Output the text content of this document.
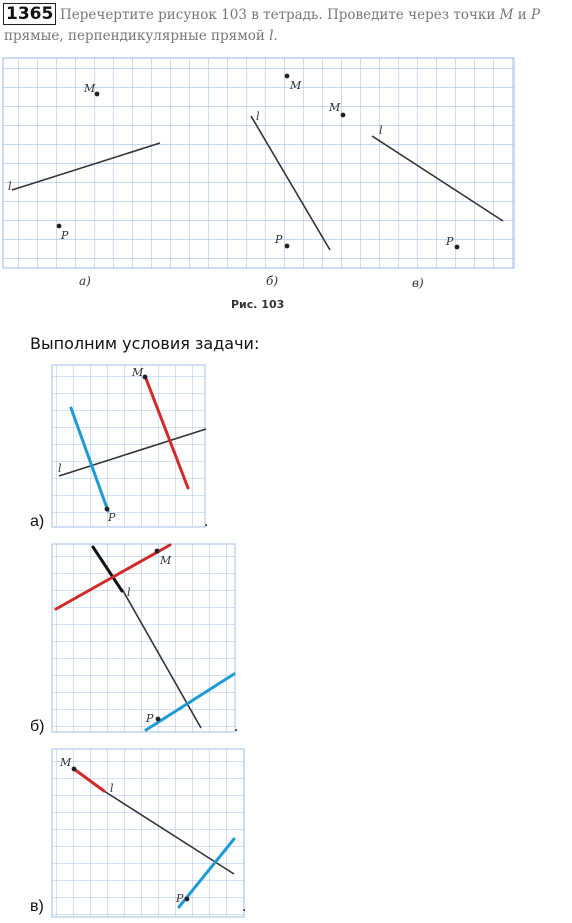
1365 Перечертите рисунок 103 в тетрадь. Проведите через точки M и P прямые, перпендикулярные прямой l.
l
M
P
l
M
P
l
M
P
а)	б)	в)
Рис. 103
Выполним условия задачи:
M
P
l
а)	.
M
P
l
б)	.
M
P
l
в)	.
